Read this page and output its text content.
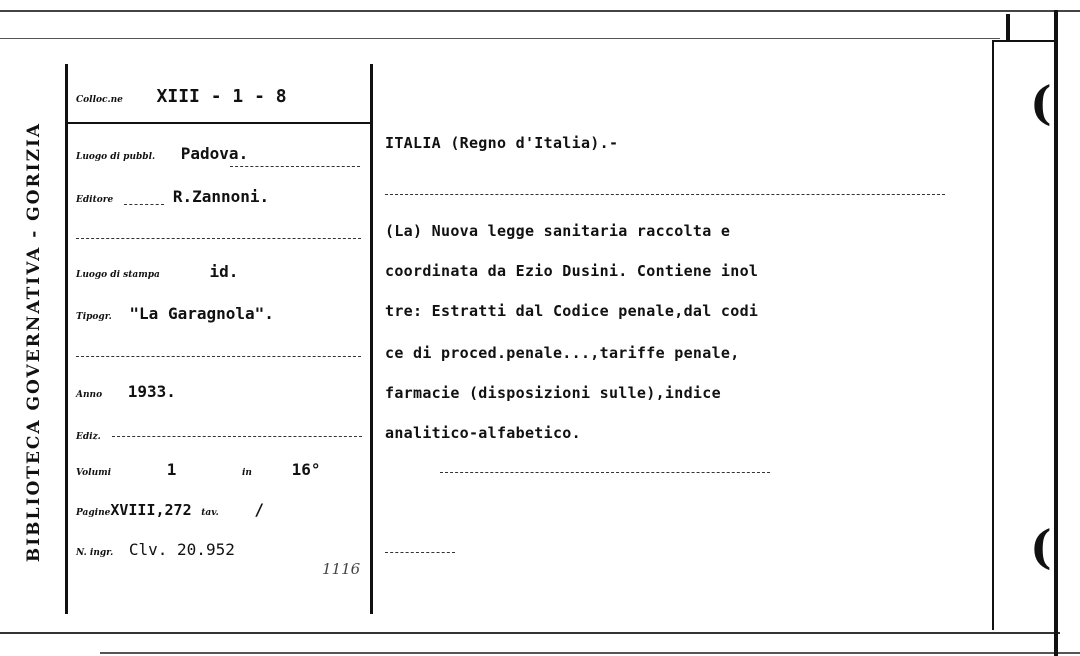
(
(
BIBLIOTECA GOVERNATIVA - GORIZIA
Colloc.ne XIII - 1 - 8
Luogo di pubbl. Padova.
Editore	R.Zannoni.
Luogo di stampa	id.
Tipogr. "La Garagnola".
Anno 1933.
Ediz.
Volumi	1	in 16°
PagineXVIII,272 tav. /
N. ingr. Clv. 20.952
1116
ITALIA (Regno d'Italia).-
(La) Nuova legge sanitaria raccolta e
coordinata da Ezio Dusini. Contiene inol
tre: Estratti dal Codice penale,dal codi
ce di proced.penale...,tariffe penale,
farmacie (disposizioni sulle),indice
analitico-alfabetico.
